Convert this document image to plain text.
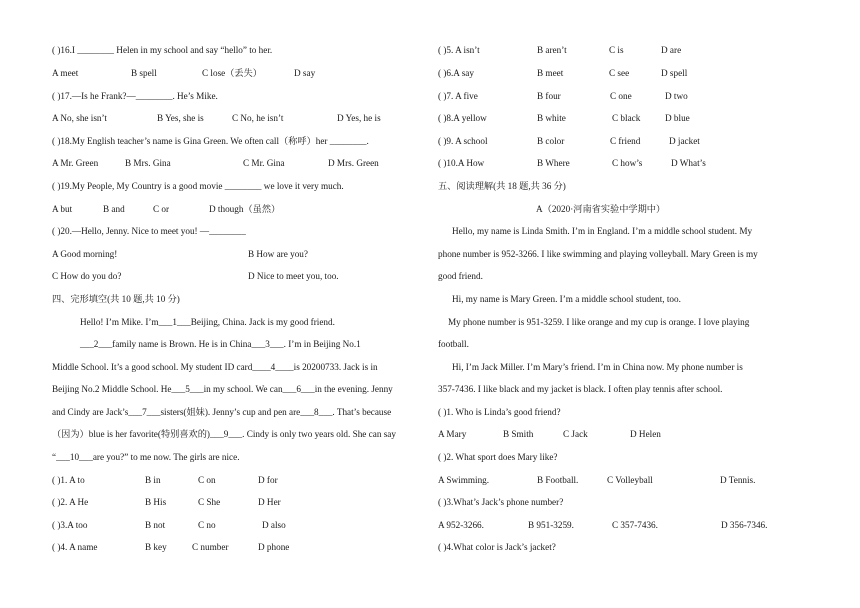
( )16.I ________ Helen in my school and say “hello” to her.
A meet	B spell	C lose（丢失）	D say
( )17.—Is he Frank?—________. He’s Mike.
A No, she isn’t	B Yes, she is	C No, he isn’t	D Yes, he is
( )18.My English teacher’s name is Gina Green. We often call（称呼）her ________.
A Mr. Green	B Mrs. Gina	C Mr. Gina	D Mrs. Green
( )19.My People, My Country is a good movie ________ we love it very much.
A but	B and	C or	D though（虽然）
( )20.—Hello, Jenny. Nice to meet you! —________
A Good morning!	B How are you?
C How do you do?	D Nice to meet you, too.
四、完形填空(共 10 题,共 10 分)
Hello! I’m Mike. I’m___1___Beijing, China. Jack is my good friend.
___2___family name is Brown. He is in China___3___. I’m in Beijing No.1
Middle School. It’s a good school. My student ID card____4____is 20200733. Jack is in
Beijing No.2 Middle School. He___5___in my school. We can___6___in the evening. Jenny
and Cindy are Jack’s___7___sisters(姐妹). Jenny’s cup and pen are___8___. That’s because
（因为）blue is her favorite(特别喜欢的)___9___. Cindy is only two years old. She can say
“___10___are you?” to me now. The girls are nice.
( )1. A to	B in	C on	D for
( )2. A He	B His	C She	D Her
( )3.A too	B not	C no	D also
( )4. A name	B key	C number	D phone
( )5. A isn’t	B aren’t	C is	D are
( )6.A say	B meet	C see	D spell
( )7. A five	B four	C one	D two
( )8.A yellow	B white	C black	D blue
( )9. A school	B color	C friend	D jacket
( )10.A How	B Where	C how’s	D What’s
五、阅读理解(共 18 题,共 36 分)
A（2020·河南省实验中学期中）
Hello, my name is Linda Smith. I’m in England. I’m a middle school student. My
phone number is 952-3266. I like swimming and playing volleyball. Mary Green is my
good friend.
Hi, my name is Mary Green. I’m a middle school student, too.
My phone number is 951-3259. I like orange and my cup is orange. I love playing
football.
Hi, I’m Jack Miller. I’m Mary’s friend. I’m in China now. My phone number is
357-7436. I like black and my jacket is black. I often play tennis after school.
( )1. Who is Linda’s good friend?
A Mary	B Smith	C Jack	D Helen
( )2. What sport does Mary like?
A Swimming.	B Football.	C Volleyball	D Tennis.
( )3.What’s Jack’s phone number?
A 952-3266.	B 951-3259.	C 357-7436.	D 356-7346.
( )4.What color is Jack’s jacket?
